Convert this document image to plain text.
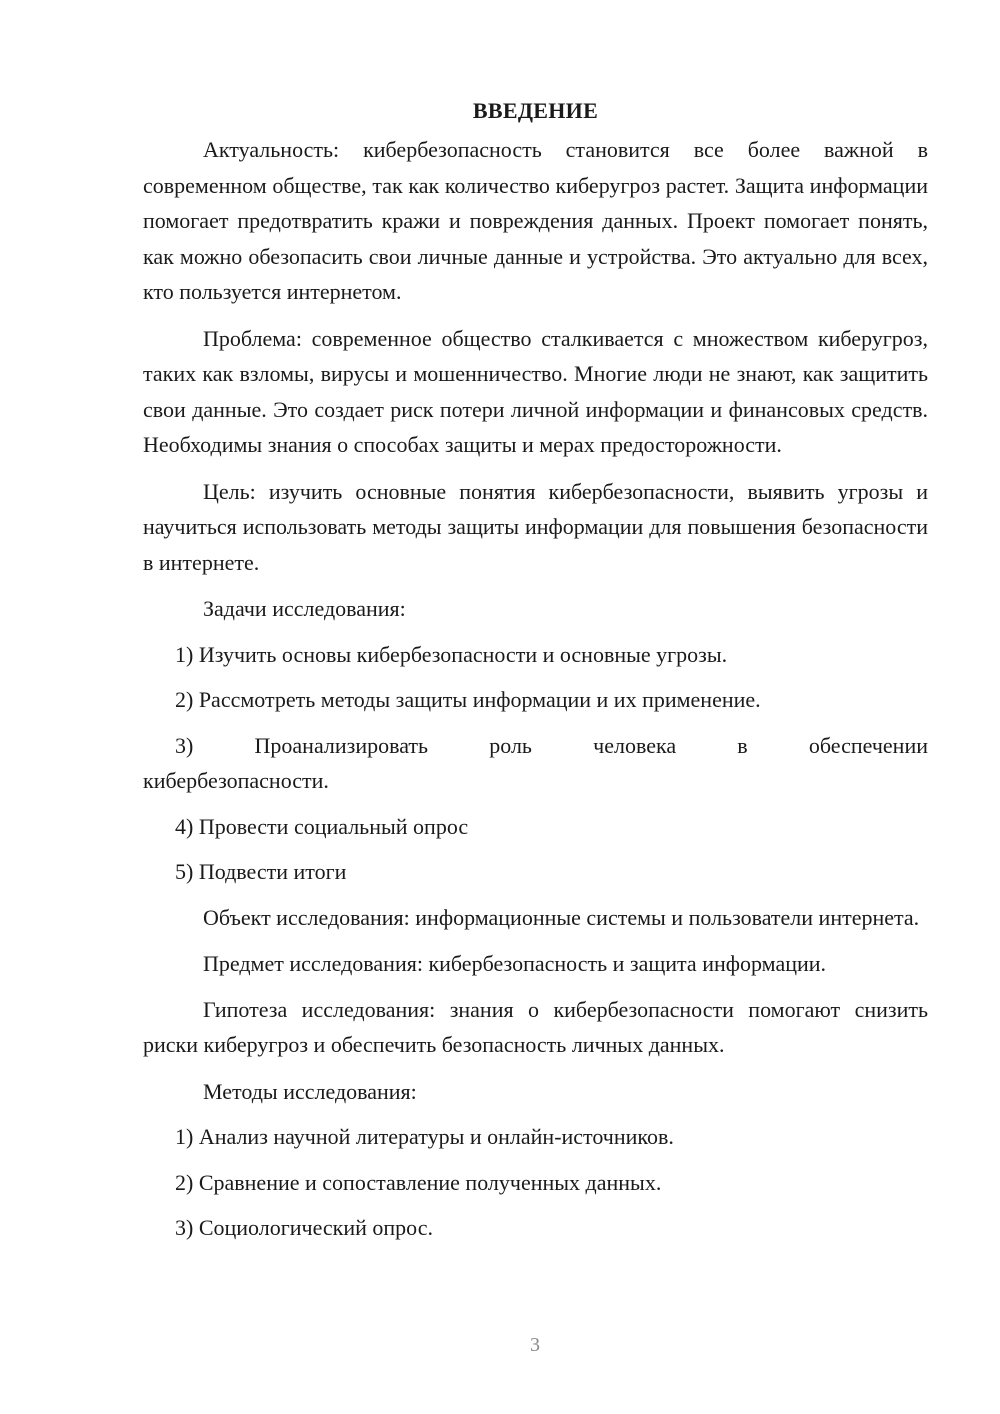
ВВЕДЕНИЕ

Актуальность: кибербезопасность становится все более важной в современном обществе, так как количество киберугроз растет. Защита информации помогает предотвратить кражи и повреждения данных. Проект помогает понять, как можно обезопасить свои личные данные и устройства. Это актуально для всех, кто пользуется интернетом.

Проблема: современное общество сталкивается с множеством киберугроз, таких как взломы, вирусы и мошенничество. Многие люди не знают, как защитить свои данные. Это создает риск потери личной информации и финансовых средств. Необходимы знания о способах защиты и мерах предосторожности.

Цель: изучить основные понятия кибербезопасности, выявить угрозы и научиться использовать методы защиты информации для повышения безопасности в интернете.

Задачи исследования:

1) Изучить основы кибербезопасности и основные угрозы.

2) Рассмотреть методы защиты информации и их применение.

3) Проанализировать роль человека в обеспечении кибербезопасности.

4) Провести социальный опрос

5) Подвести итоги

Объект исследования: информационные системы и пользователи интернета.

Предмет исследования: кибербезопасность и защита информации.

Гипотеза исследования: знания о кибербезопасности помогают снизить риски киберугроз и обеспечить безопасность личных данных.

Методы исследования:

1) Анализ научной литературы и онлайн-источников.

2) Сравнение и сопоставление полученных данных.

3) Социологический опрос.

3
